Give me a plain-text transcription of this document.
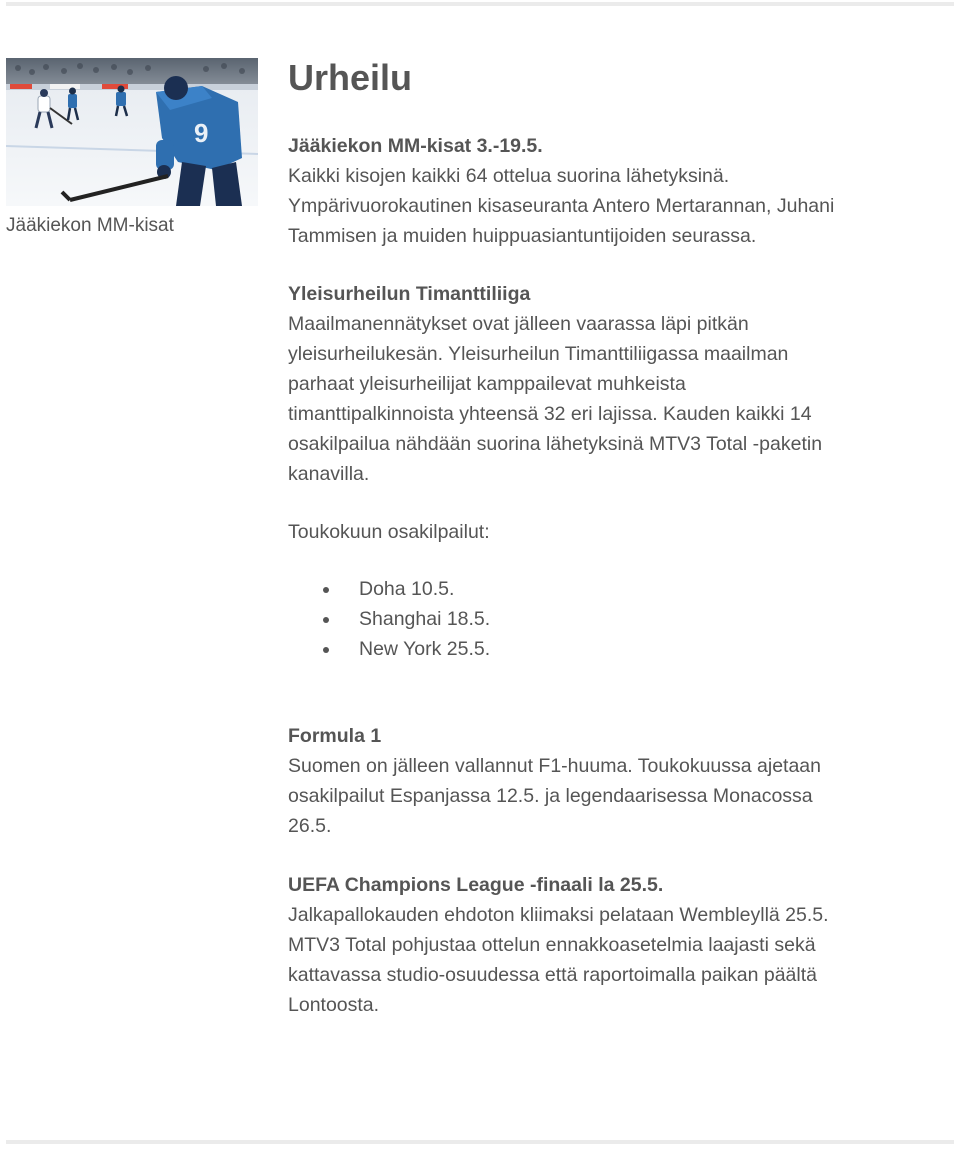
9
Jääkiekon MM-kisat
Urheilu

Jääkiekon MM-kisat 3.-19.5.

Kaikki kisojen kaikki 64 ottelua suorina lähetyksinä. Ympärivuorokautinen kisaseuranta Antero Mertarannan, Juhani Tammisen ja muiden huippuasiantuntijoiden seurassa.

Yleisurheilun Timanttiliiga

Maailmanennätykset ovat jälleen vaarassa läpi pitkän yleisurheilukesän. Yleisurheilun Timanttiliigassa maailman parhaat yleisurheilijat kamppailevat muhkeista timanttipalkinnoista yhteensä 32 eri lajissa. Kauden kaikki 14 osakilpailua nähdään suorina lähetyksinä MTV3 Total -paketin kanavilla.

Toukokuun osakilpailut:

Doha 10.5.
Shanghai 18.5.
New York 25.5.

Formula 1

Suomen on jälleen vallannut F1-huuma. Toukokuussa ajetaan osakilpailut Espanjassa 12.5. ja legendaarisessa Monacossa 26.5.

UEFA Champions League -finaali la 25.5.

Jalkapallokauden ehdoton kliimaksi pelataan Wembleyllä 25.5. MTV3 Total pohjustaa ottelun ennakkoasetelmia laajasti sekä kattavassa studio-osuudessa että raportoimalla paikan päältä Lontoosta.
